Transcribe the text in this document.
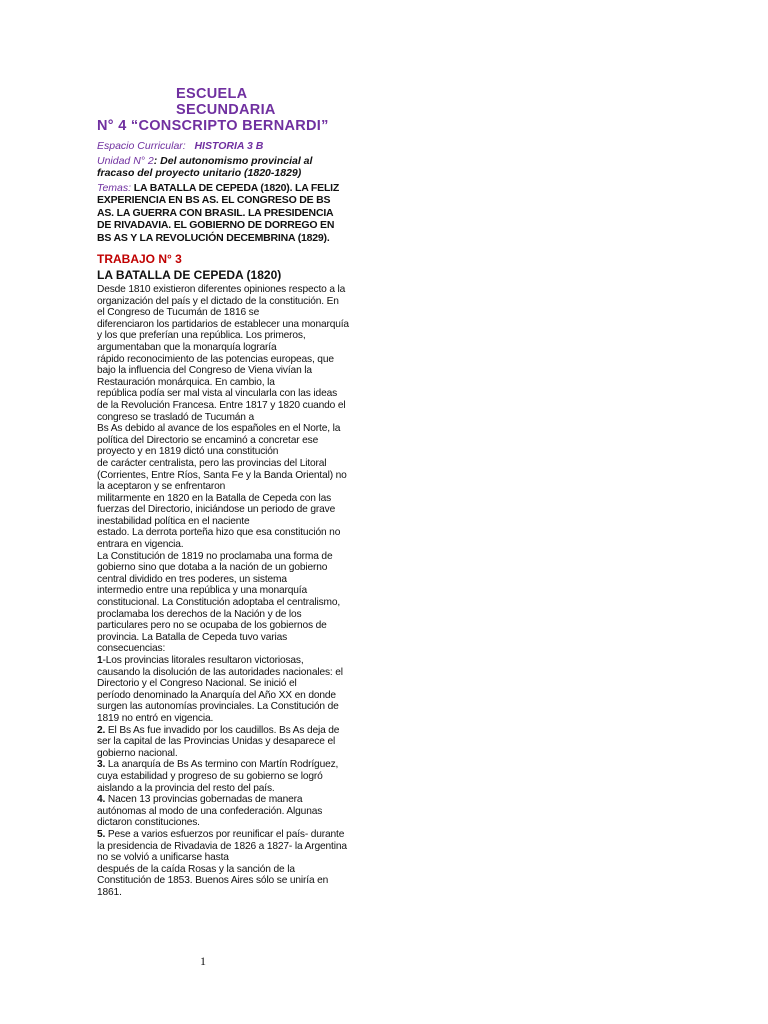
ESCUELA SECUNDARIA
N° 4 “CONSCRIPTO BERNARDI”

Espacio Curricular: HISTORIA 3 B

Unidad N° 2: Del autonomismo provincial al fracaso del proyecto unitario (1820-1829)

Temas: LA BATALLA DE CEPEDA (1820). LA FELIZ EXPERIENCIA EN BS AS. EL CONGRESO DE BS AS. LA GUERRA CON BRASIL. LA PRESIDENCIA DE RIVADAVIA. EL GOBIERNO DE DORREGO EN BS AS Y LA REVOLUCIÓN DECEMBRINA (1829).

TRABAJO N° 3
LA BATALLA DE CEPEDA (1820)

Desde 1810 existieron diferentes opiniones respecto a la organización del país y el dictado de la constitución. En el Congreso de Tucumán de 1816 se

diferenciaron los partidarios de establecer una monarquía y los que preferían una república. Los primeros, argumentaban que la monarquía lograría

rápido reconocimiento de las potencias europeas, que bajo la influencia del Congreso de Viena vivían la Restauración monárquica. En cambio, la

república podía ser mal vista al vincularla con las ideas de la Revolución Francesa. Entre 1817 y 1820 cuando el congreso se trasladó de Tucumán a

Bs As debido al avance de los españoles en el Norte, la política del Directorio se encaminó a concretar ese proyecto y en 1819 dictó una constitución

de carácter centralista, pero las provincias del Litoral (Corrientes, Entre Ríos, Santa Fe y la Banda Oriental) no la aceptaron y se enfrentaron

militarmente en 1820 en la Batalla de Cepeda con las fuerzas del Directorio, iniciándose un periodo de grave inestabilidad política en el naciente

estado. La derrota porteña hizo que esa constitución no entrara en vigencia.

La Constitución de 1819 no proclamaba una forma de gobierno sino que dotaba a la nación de un gobierno central dividido en tres poderes, un sistema

intermedio entre una república y una monarquía constitucional. La Constitución adoptaba el centralismo, proclamaba los derechos de la Nación y de los

particulares pero no se ocupaba de los gobiernos de provincia. La Batalla de Cepeda tuvo varias consecuencias:

1-Los provincias litorales resultaron victoriosas, causando la disolución de las autoridades nacionales: el Directorio y el Congreso Nacional. Se inició el

período denominado la Anarquía del Año XX en donde surgen las autonomías provinciales. La Constitución de 1819 no entró en vigencia.

2. El Bs As fue invadido por los caudillos. Bs As deja de ser la capital de las Provincias Unidas y desaparece el gobierno nacional.

3. La anarquía de Bs As termino con Martín Rodríguez, cuya estabilidad y progreso de su gobierno se logró aislando a la provincia del resto del país.

4. Nacen 13 provincias gobernadas de manera autónomas al modo de una confederación. Algunas dictaron constituciones.

5. Pese a varios esfuerzos por reunificar el país- durante la presidencia de Rivadavia de 1826 a 1827- la Argentina no se volvió a unificarse hasta

después de la caída Rosas y la sanción de la Constitución de 1853. Buenos Aires sólo se uniría en 1861.

1
